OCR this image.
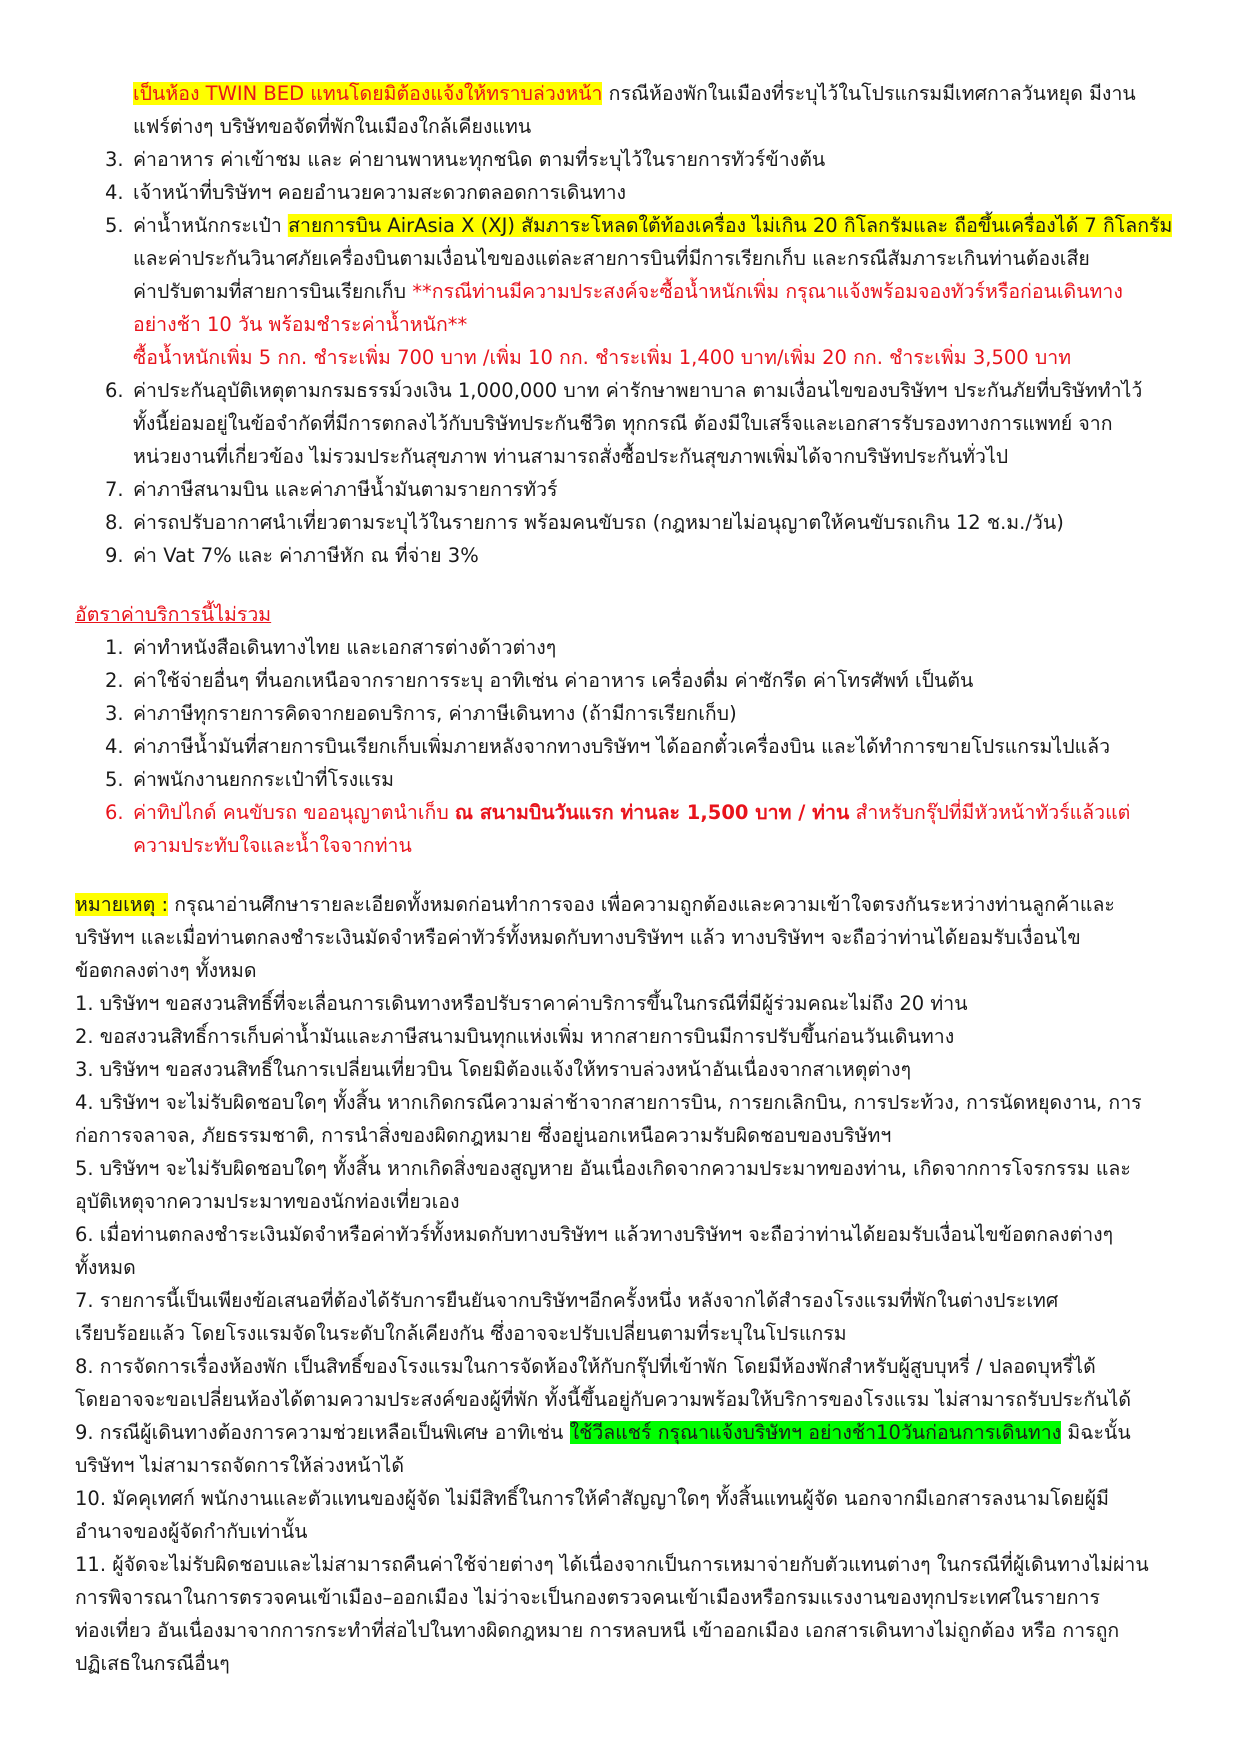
เป็นห้อง TWIN BED แทนโดยมิต้องแจ้งให้ทราบล่วงหน้า กรณีห้องพักในเมืองที่ระบุไว้ในโปรแกรมมีเทศกาลวันหยุด มีงาน
แฟร์ต่างๆ บริษัทขอจัดที่พักในเมืองใกล้เคียงแทน
3. ค่าอาหาร ค่าเข้าชม และ ค่ายานพาหนะทุกชนิด ตามที่ระบุไว้ในรายการทัวร์ข้างต้น
4. เจ้าหน้าที่บริษัทฯ คอยอำนวยความสะดวกตลอดการเดินทาง
5. ค่าน้ำหนักกระเป๋า สายการบิน AirAsia X (XJ) สัมภาระโหลดใต้ท้องเครื่อง ไม่เกิน 20 กิโลกรัมและ ถือขึ้นเครื่องได้ 7 กิโลกรัม
และค่าประกันวินาศภัยเครื่องบินตามเงื่อนไขของแต่ละสายการบินที่มีการเรียกเก็บ และกรณีสัมภาระเกินท่านต้องเสีย
ค่าปรับตามที่สายการบินเรียกเก็บ **กรณีท่านมีความประสงค์จะซื้อน้ำหนักเพิ่ม กรุณาแจ้งพร้อมจองทัวร์หรือก่อนเดินทาง
อย่างช้า 10 วัน พร้อมชำระค่าน้ำหนัก**
ซื้อน้ำหนักเพิ่ม 5 กก. ชำระเพิ่ม 700 บาท /เพิ่ม 10 กก. ชำระเพิ่ม 1,400 บาท/เพิ่ม 20 กก. ชำระเพิ่ม 3,500 บาท
6. ค่าประกันอุบัติเหตุตามกรมธรรม์วงเงิน 1,000,000 บาท ค่ารักษาพยาบาล ตามเงื่อนไขของบริษัทฯ ประกันภัยที่บริษัททำไว้
ทั้งนี้ย่อมอยู่ในข้อจำกัดที่มีการตกลงไว้กับบริษัทประกันชีวิต ทุกกรณี ต้องมีใบเสร็จและเอกสารรับรองทางการแพทย์ จาก
หน่วยงานที่เกี่ยวข้อง ไม่รวมประกันสุขภาพ ท่านสามารถสั่งซื้อประกันสุขภาพเพิ่มได้จากบริษัทประกันทั่วไป
7. ค่าภาษีสนามบิน และค่าภาษีน้ำมันตามรายการทัวร์
8. ค่ารถปรับอากาศนำเที่ยวตามระบุไว้ในรายการ พร้อมคนขับรถ (กฎหมายไม่อนุญาตให้คนขับรถเกิน 12 ช.ม./วัน)
9. ค่า Vat 7% และ ค่าภาษีหัก ณ ที่จ่าย 3%
อัตราค่าบริการนี้ไม่รวม
1. ค่าทำหนังสือเดินทางไทย และเอกสารต่างด้าวต่างๆ
2. ค่าใช้จ่ายอื่นๆ ที่นอกเหนือจากรายการระบุ อาทิเช่น ค่าอาหาร เครื่องดื่ม ค่าซักรีด ค่าโทรศัพท์ เป็นต้น
3. ค่าภาษีทุกรายการคิดจากยอดบริการ, ค่าภาษีเดินทาง (ถ้ามีการเรียกเก็บ)
4. ค่าภาษีน้ำมันที่สายการบินเรียกเก็บเพิ่มภายหลังจากทางบริษัทฯ ได้ออกตั๋วเครื่องบิน และได้ทำการขายโปรแกรมไปแล้ว
5. ค่าพนักงานยกกระเป๋าที่โรงแรม
6. ค่าทิปไกด์ คนขับรถ ขออนุญาตนำเก็บ ณ สนามบินวันแรก ท่านละ 1,500 บาท / ท่าน สำหรับกรุ๊ปที่มีหัวหน้าทัวร์แล้วแต่
ความประทับใจและน้ำใจจากท่าน
หมายเหตุ : กรุณาอ่านศึกษารายละเอียดทั้งหมดก่อนทำการจอง เพื่อความถูกต้องและความเข้าใจตรงกันระหว่างท่านลูกค้าและ
บริษัทฯ และเมื่อท่านตกลงชำระเงินมัดจำหรือค่าทัวร์ทั้งหมดกับทางบริษัทฯ แล้ว ทางบริษัทฯ จะถือว่าท่านได้ยอมรับเงื่อนไข
ข้อตกลงต่างๆ ทั้งหมด
1. บริษัทฯ ขอสงวนสิทธิ์ที่จะเลื่อนการเดินทางหรือปรับราคาค่าบริการขึ้นในกรณีที่มีผู้ร่วมคณะไม่ถึง 20 ท่าน
2. ขอสงวนสิทธิ์การเก็บค่าน้ำมันและภาษีสนามบินทุกแห่งเพิ่ม หากสายการบินมีการปรับขึ้นก่อนวันเดินทาง
3. บริษัทฯ ขอสงวนสิทธิ์ในการเปลี่ยนเที่ยวบิน โดยมิต้องแจ้งให้ทราบล่วงหน้าอันเนื่องจากสาเหตุต่างๆ
4. บริษัทฯ จะไม่รับผิดชอบใดๆ ทั้งสิ้น หากเกิดกรณีความล่าช้าจากสายการบิน, การยกเลิกบิน, การประท้วง, การนัดหยุดงาน, การ
ก่อการจลาจล, ภัยธรรมชาติ, การนำสิ่งของผิดกฎหมาย ซึ่งอยู่นอกเหนือความรับผิดชอบของบริษัทฯ
5. บริษัทฯ จะไม่รับผิดชอบใดๆ ทั้งสิ้น หากเกิดสิ่งของสูญหาย อันเนื่องเกิดจากความประมาทของท่าน, เกิดจากการโจรกรรม และ
อุบัติเหตุจากความประมาทของนักท่องเที่ยวเอง
6. เมื่อท่านตกลงชำระเงินมัดจำหรือค่าทัวร์ทั้งหมดกับทางบริษัทฯ แล้วทางบริษัทฯ จะถือว่าท่านได้ยอมรับเงื่อนไขข้อตกลงต่างๆ
ทั้งหมด
7. รายการนี้เป็นเพียงข้อเสนอที่ต้องได้รับการยืนยันจากบริษัทฯอีกครั้งหนึ่ง หลังจากได้สำรองโรงแรมที่พักในต่างประเทศ
เรียบร้อยแล้ว โดยโรงแรมจัดในระดับใกล้เคียงกัน ซึ่งอาจจะปรับเปลี่ยนตามที่ระบุในโปรแกรม
8. การจัดการเรื่องห้องพัก เป็นสิทธิ์ของโรงแรมในการจัดห้องให้กับกรุ๊ปที่เข้าพัก โดยมีห้องพักสำหรับผู้สูบบุหรี่ / ปลอดบุหรี่ได้
โดยอาจจะขอเปลี่ยนห้องได้ตามความประสงค์ของผู้ที่พัก ทั้งนี้ขึ้นอยู่กับความพร้อมให้บริการของโรงแรม ไม่สามารถรับประกันได้
9. กรณีผู้เดินทางต้องการความช่วยเหลือเป็นพิเศษ อาทิเช่น ใช้วีลแชร์ กรุณาแจ้งบริษัทฯ อย่างช้า10วันก่อนการเดินทาง มิฉะนั้น
บริษัทฯ ไม่สามารถจัดการให้ล่วงหน้าได้
10. มัคคุเทศก์ พนักงานและตัวแทนของผู้จัด ไม่มีสิทธิ์ในการให้คำสัญญาใดๆ ทั้งสิ้นแทนผู้จัด นอกจากมีเอกสารลงนามโดยผู้มี
อำนาจของผู้จัดกำกับเท่านั้น
11. ผู้จัดจะไม่รับผิดชอบและไม่สามารถคืนค่าใช้จ่ายต่างๆ ได้เนื่องจากเป็นการเหมาจ่ายกับตัวแทนต่างๆ ในกรณีที่ผู้เดินทางไม่ผ่าน
การพิจารณาในการตรวจคนเข้าเมือง–ออกเมือง ไม่ว่าจะเป็นกองตรวจคนเข้าเมืองหรือกรมแรงงานของทุกประเทศในรายการ
ท่องเที่ยว อันเนื่องมาจากการกระทำที่ส่อไปในทางผิดกฎหมาย การหลบหนี เข้าออกเมือง เอกสารเดินทางไม่ถูกต้อง หรือ การถูก
ปฏิเสธในกรณีอื่นๆ
